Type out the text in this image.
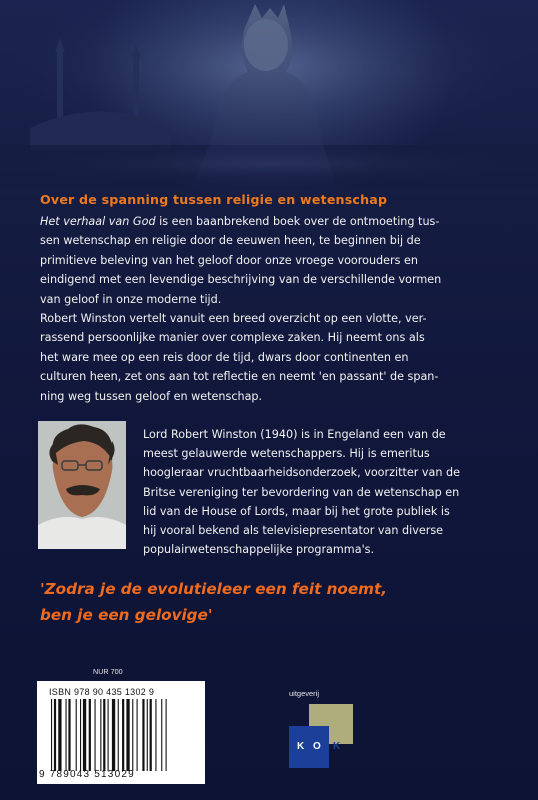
Over de spanning tussen religie en wetenschap

Het verhaal van God is een baanbrekend boek over de ontmoeting tus-
sen wetenschap en religie door de eeuwen heen, te beginnen bij de
primitieve beleving van het geloof door onze vroege voorouders en
eindigend met een levendige beschrijving van de verschillende vormen
van geloof in onze moderne tijd.

Robert Winston vertelt vanuit een breed overzicht op een vlotte, ver-
rassend persoonlijke manier over complexe zaken. Hij neemt ons als
het ware mee op een reis door de tijd, dwars door continenten en
culturen heen, zet ons aan tot reflectie en neemt 'en passant' de span-
ning weg tussen geloof en wetenschap.

Lord Robert Winston (1940) is in Engeland een van de
meest gelauwerde wetenschappers. Hij is emeritus
hoogleraar vruchtbaarheidsonderzoek, voorzitter van de
Britse vereniging ter bevordering van de wetenschap en
lid van de House of Lords, maar bij het grote publiek is
hij vooral bekend als televisiepresentator van diverse
populairwetenschappelijke programma's.
'Zodra je de evolutieleer een feit noemt,
ben je een gelovige'
NUR 700
ISBN 978 90 435 1302 9
9 789043 513029
uitgeverij
K O K
